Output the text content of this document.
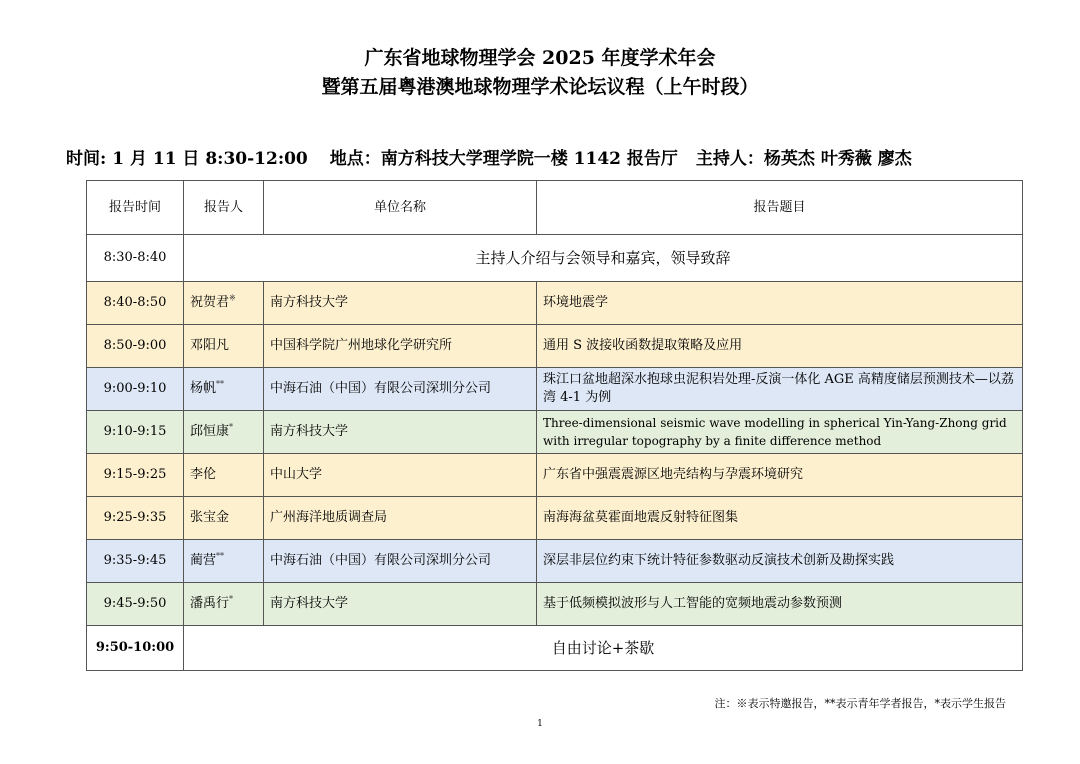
广东省地球物理学会 2025 年度学术年会
暨第五届粤港澳地球物理学术论坛议程（上午时段）
时间: 1 月 11 日 8:30-12:00 地点：南方科技大学理学院一楼 1142 报告厅 主持人：杨英杰 叶秀薇 廖杰
报告时间	报告人	单位名称	报告题目
8:30-8:40	主持人介绍与会领导和嘉宾，领导致辞		
8:40-8:50	祝贺君※	南方科技大学	环境地震学
8:50-9:00	邓阳凡	中国科学院广州地球化学研究所	通用 S 波接收函数提取策略及应用
9:00-9:10	杨帆**	中海石油（中国）有限公司深圳分公司	珠江口盆地超深水抱球虫泥积岩处理-反演一体化 AGE 高精度储层预测技术—以荔湾 4-1 为例
9:10-9:15	邱恒康*	南方科技大学	Three-dimensional seismic wave modelling in spherical Yin-Yang-Zhong grid with irregular topography by a finite difference method
9:15-9:25	李伦	中山大学	广东省中强震震源区地壳结构与孕震环境研究
9:25-9:35	张宝金	广州海洋地质调查局	南海海盆莫霍面地震反射特征图集
9:35-9:45	蔺营**	中海石油（中国）有限公司深圳分公司	深层非层位约束下统计特征参数驱动反演技术创新及勘探实践
9:45-9:50	潘禹行*	南方科技大学	基于低频模拟波形与人工智能的宽频地震动参数预测
9:50-10:00	自由讨论+茶歇		
注：※表示特邀报告，**表示青年学者报告，*表示学生报告
1
